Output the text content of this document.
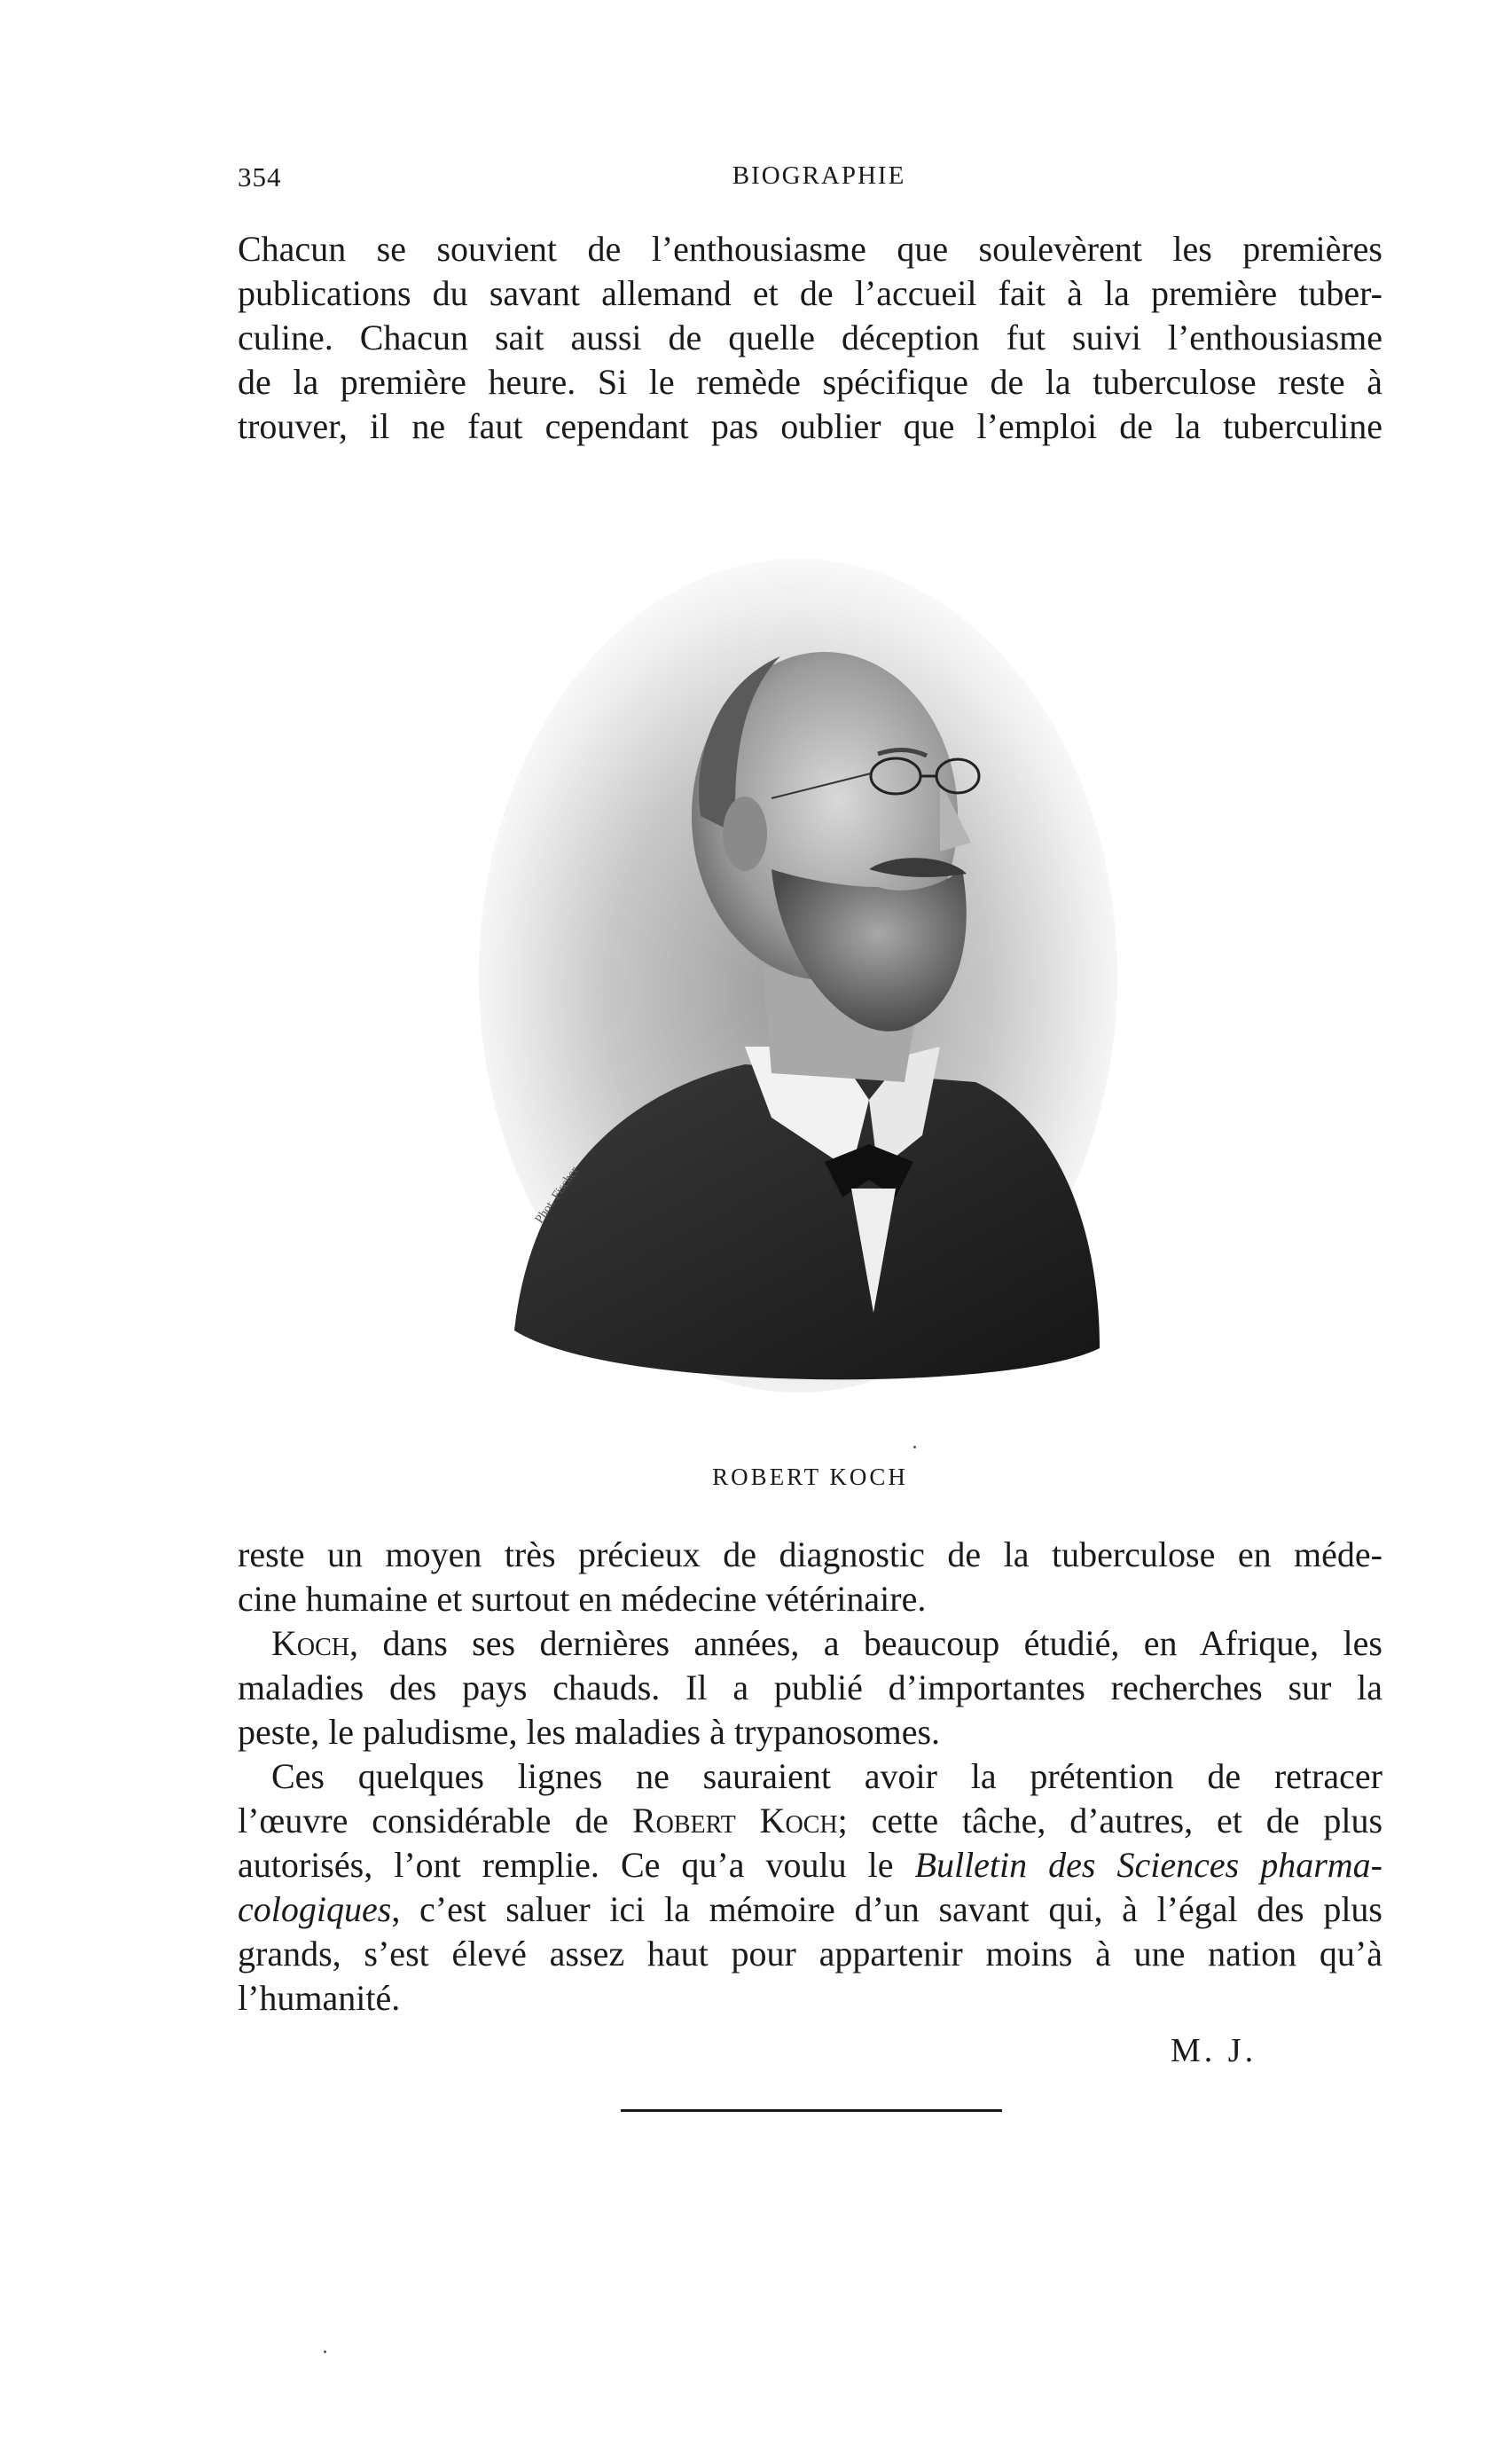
354	BIOGRAPHIE
Chacun se souvient de l’enthousiasme que soulevèrent les premières
publications du savant allemand et de l’accueil fait à la première tuber-
culine. Chacun sait aussi de quelle déception fut suivi l’enthousiasme
de la première heure. Si le remède spécifique de la tuberculose reste à
trouver, il ne faut cependant pas oublier que l’emploi de la tuberculine
Phot. Fischer
ROBERT KOCH
reste un moyen très précieux de diagnostic de la tuberculose en méde-
cine humaine et surtout en médecine vétérinaire.
Koch, dans ses dernières années, a beaucoup étudié, en Afrique, les
maladies des pays chauds. Il a publié d’importantes recherches sur la
peste, le paludisme, les maladies à trypanosomes.
Ces quelques lignes ne sauraient avoir la prétention de retracer
l’œuvre considérable de Robert Koch; cette tâche, d’autres, et de plus
autorisés, l’ont remplie. Ce qu’a voulu le Bulletin des Sciences pharma-
cologiques, c’est saluer ici la mémoire d’un savant qui, à l’égal des plus
grands, s’est élevé assez haut pour appartenir moins à une nation qu’à
l’humanité.
M. J.
